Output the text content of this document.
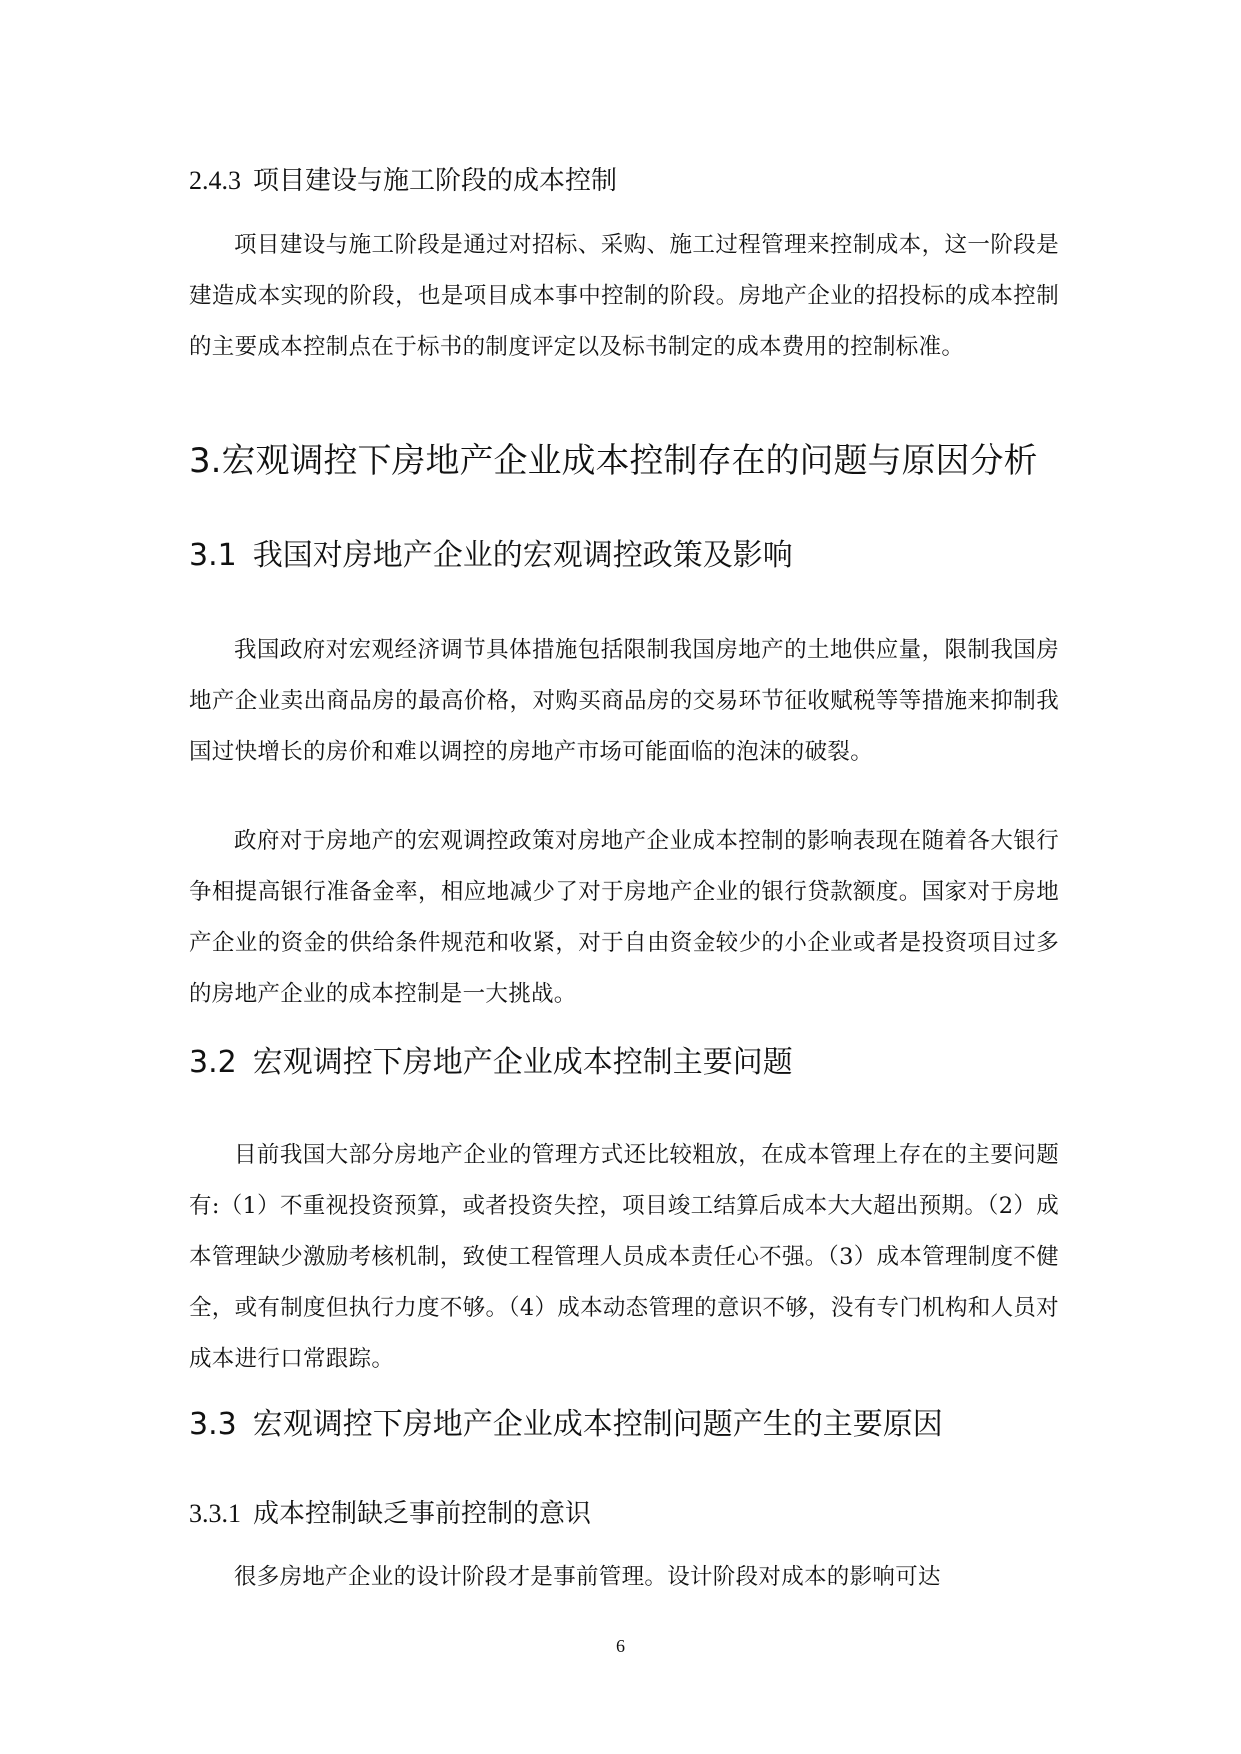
2.4.3 项目建设与施工阶段的成本控制
项目建设与施工阶段是通过对招标、采购、施工过程管理来控制成本，这一阶段是建造成本实现的阶段，也是项目成本事中控制的阶段。房地产企业的招投标的成本控制的主要成本控制点在于标书的制度评定以及标书制定的成本费用的控制标准。
3.宏观调控下房地产企业成本控制存在的问题与原因分析
3.1 我国对房地产企业的宏观调控政策及影响
我国政府对宏观经济调节具体措施包括限制我国房地产的土地供应量，限制我国房地产企业卖出商品房的最高价格，对购买商品房的交易环节征收赋税等等措施来抑制我国过快增长的房价和难以调控的房地产市场可能面临的泡沫的破裂。
政府对于房地产的宏观调控政策对房地产企业成本控制的影响表现在随着各大银行争相提高银行准备金率，相应地减少了对于房地产企业的银行贷款额度。国家对于房地产企业的资金的供给条件规范和收紧，对于自由资金较少的小企业或者是投资项目过多的房地产企业的成本控制是一大挑战。
3.2 宏观调控下房地产企业成本控制主要问题
目前我国大部分房地产企业的管理方式还比较粗放，在成本管理上存在的主要问题有:（1）不重视投资预算，或者投资失控，项目竣工结算后成本大大超出预期。（2）成本管理缺少激励考核机制，致使工程管理人员成本责任心不强。（3）成本管理制度不健全，或有制度但执行力度不够。（4）成本动态管理的意识不够，没有专门机构和人员对成本进行口常跟踪。
3.3 宏观调控下房地产企业成本控制问题产生的主要原因
3.3.1 成本控制缺乏事前控制的意识
很多房地产企业的设计阶段才是事前管理。设计阶段对成本的影响可达
6
